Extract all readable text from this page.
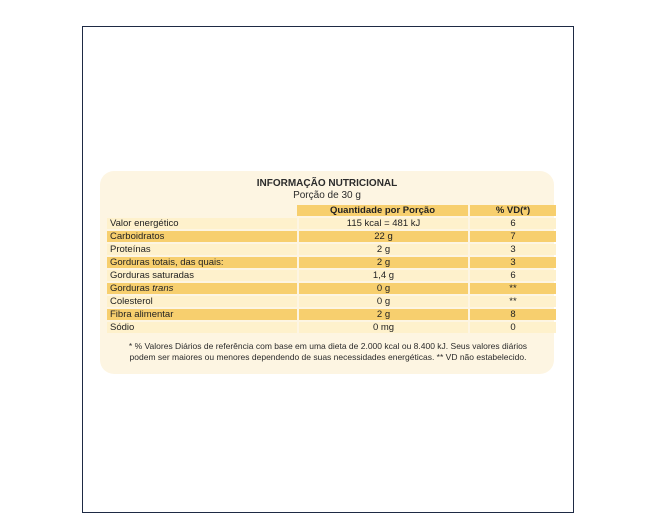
INFORMAÇÃO NUTRICIONAL
Porção de 30 g
	Quantidade por Porção	% VD(*)
Valor energético	115 kcal = 481 kJ	6
Carboidratos	22 g	7
Proteínas	2 g	3
Gorduras totais, das quais:	2 g	3
Gorduras saturadas	1,4 g	6
Gorduras trans	0 g	**
Colesterol	0 g	**
Fibra alimentar	2 g	8
Sódio	0 mg	0
* % Valores Diários de referência com base em uma dieta de 2.000 kcal ou 8.400 kJ. Seus valores diários
podem ser maiores ou menores dependendo de suas necessidades energéticas. ** VD não estabelecido.
